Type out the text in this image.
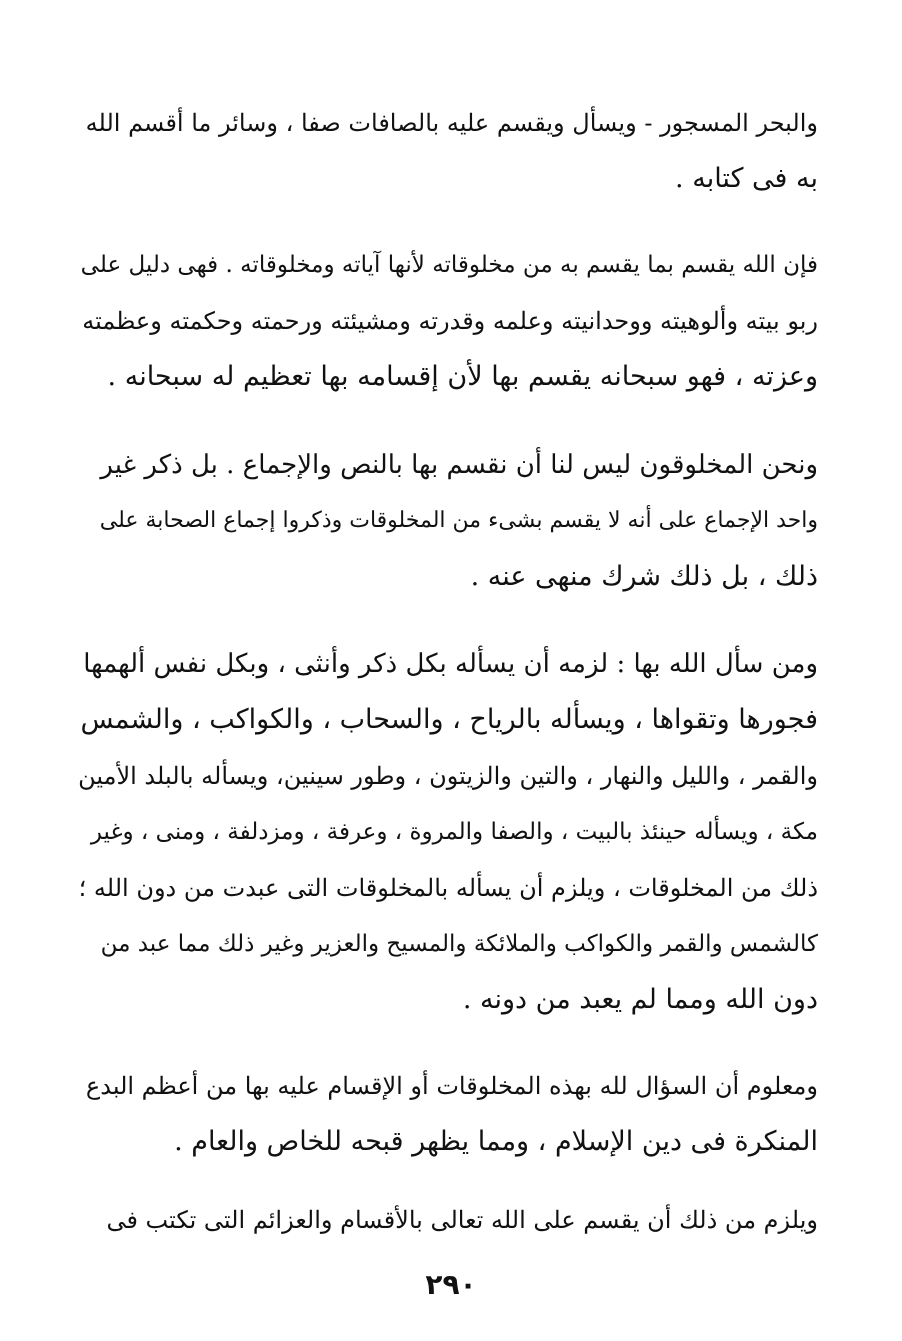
والبحر المسجور - ويسأل ويقسم عليه بالصافات صفا ، وسائر ما أقسم الله
به فى كتابه .
فإن الله يقسم بما يقسم به من مخلوقاته لأنها آياته ومخلوقاته . فهى دليل على
ربو بيته وألوهيته ووحدانيته وعلمه وقدرته ومشيئته ورحمته وحكمته وعظمته
وعزته ، فهو سبحانه يقسم بها لأن إقسامه بها تعظيم له سبحانه .
ونحن المخلوقون ليس لنا أن نقسم بها بالنص والإجماع . بل ذكر غير
واحد الإجماع على أنه لا يقسم بشىء من المخلوقات وذكروا إجماع الصحابة على
ذلك ، بل ذلك شرك منهى عنه .
ومن سأل الله بها : لزمه أن يسأله بكل ذكر وأنثى ، وبكل نفس ألهمها
فجورها وتقواها ، ويسأله بالرياح ، والسحاب ، والكواكب ، والشمس
والقمر ، والليل والنهار ، والتين والزيتون ، وطور سينين، ويسأله بالبلد الأمين
مكة ، ويسأله حينئذ بالبيت ، والصفا والمروة ، وعرفة ، ومزدلفة ، ومنى ، وغير
ذلك من المخلوقات ، ويلزم أن يسأله بالمخلوقات التى عبدت من دون الله ؛
كالشمس والقمر والكواكب والملائكة والمسيح والعزير وغير ذلك مما عبد من
دون الله ومما لم يعبد من دونه .
ومعلوم أن السؤال لله بهذه المخلوقات أو الإقسام عليه بها من أعظم البدع
المنكرة فى دين الإسلام ، ومما يظهر قبحه للخاص والعام .
ويلزم من ذلك أن يقسم على الله تعالى بالأقسام والعزائم التى تكتب فى
٢٩٠
